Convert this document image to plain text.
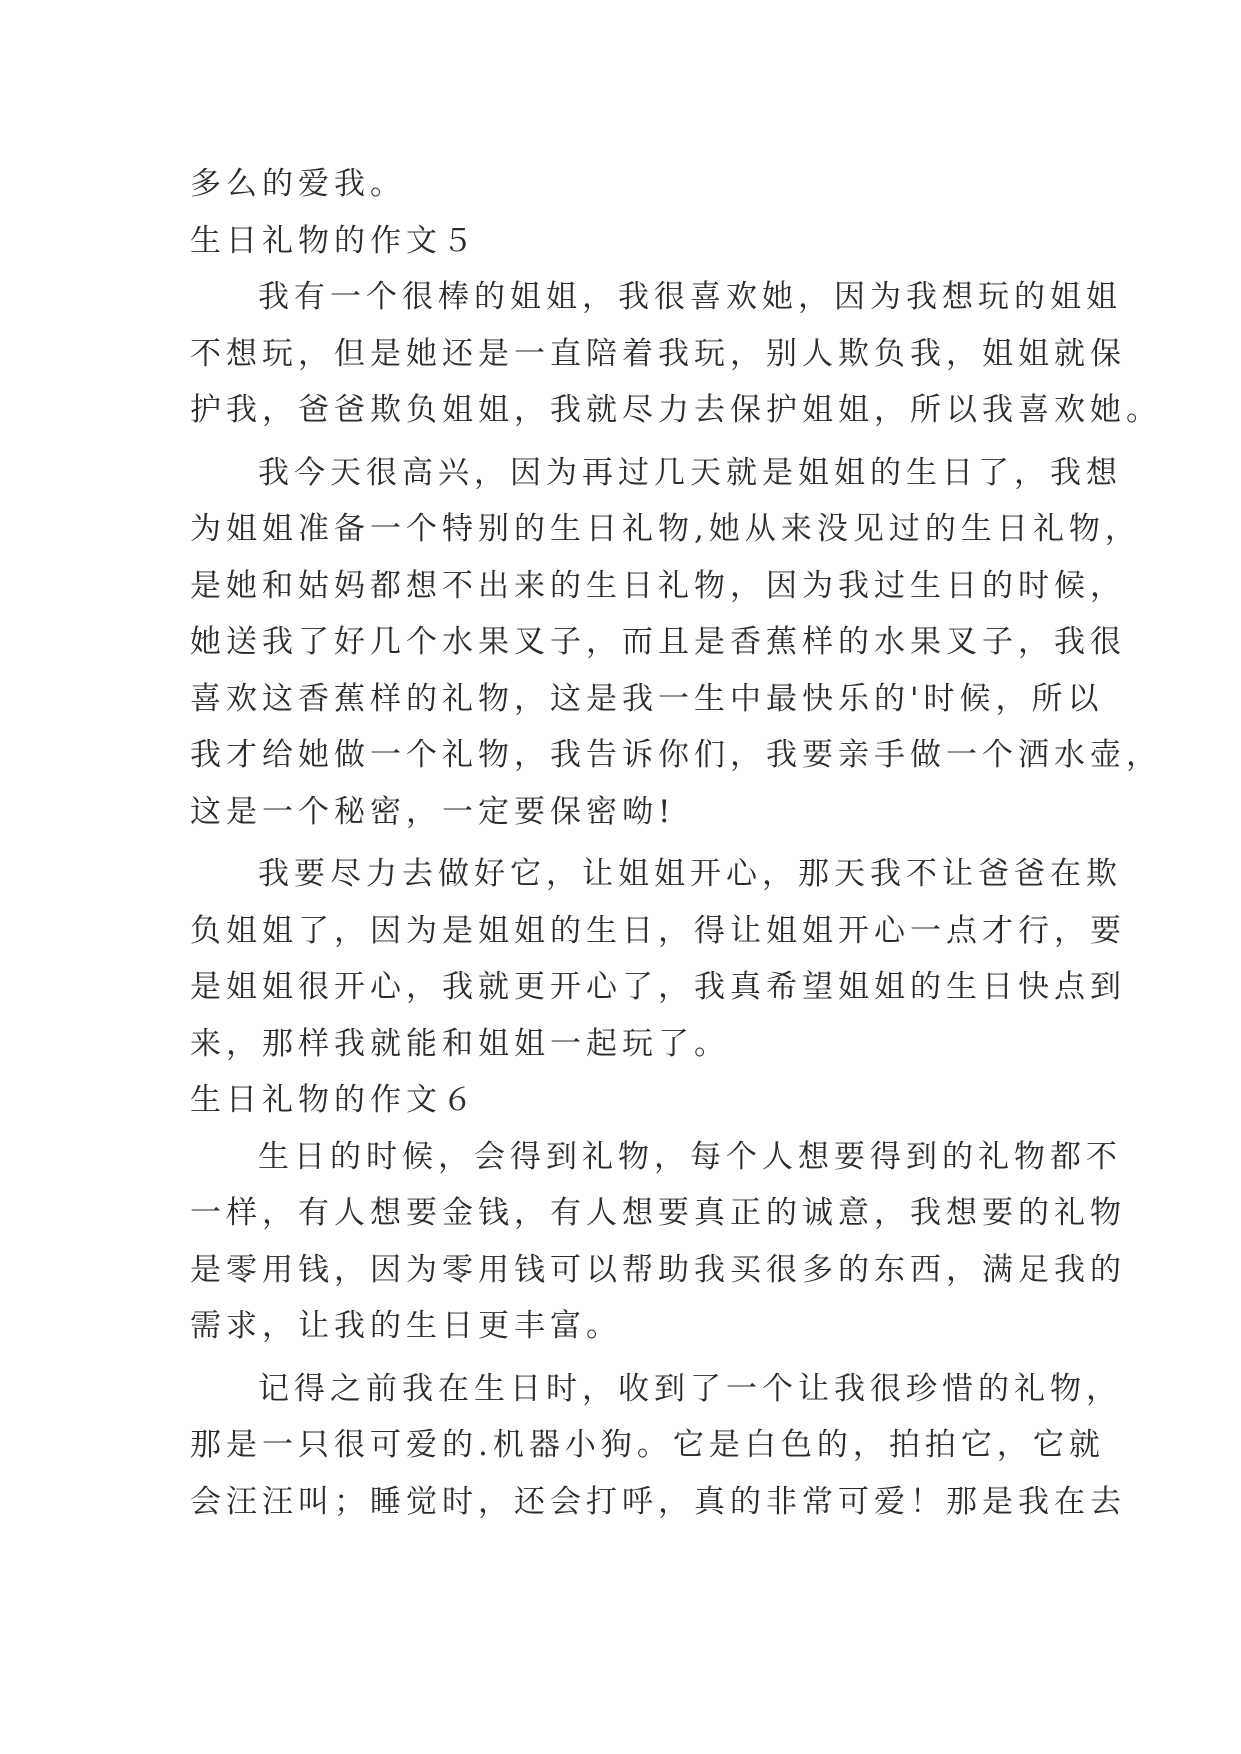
多么的爱我。
生日礼物的作文５
我有一个很棒的姐姐，我很喜欢她，因为我想玩的姐姐
不想玩，但是她还是一直陪着我玩，别人欺负我，姐姐就保
护我，爸爸欺负姐姐，我就尽力去保护姐姐，所以我喜欢她。
我今天很高兴，因为再过几天就是姐姐的生日了，我想
为姐姐准备一个特别的生日礼物,她从来没见过的生日礼物，
是她和姑妈都想不出来的生日礼物，因为我过生日的时候，
她送我了好几个水果叉子，而且是香蕉样的水果叉子，我很
喜欢这香蕉样的礼物，这是我一生中最快乐的'时候，所以
我才给她做一个礼物，我告诉你们，我要亲手做一个洒水壶，
这是一个秘密，一定要保密呦!
我要尽力去做好它，让姐姐开心，那天我不让爸爸在欺
负姐姐了，因为是姐姐的生日，得让姐姐开心一点才行，要
是姐姐很开心，我就更开心了，我真希望姐姐的生日快点到
来，那样我就能和姐姐一起玩了。
生日礼物的作文６
生日的时候，会得到礼物，每个人想要得到的礼物都不
一样，有人想要金钱，有人想要真正的诚意，我想要的礼物
是零用钱，因为零用钱可以帮助我买很多的东西，满足我的
需求，让我的生日更丰富。
记得之前我在生日时，收到了一个让我很珍惜的礼物，
那是一只很可爱的.机器小狗。它是白色的，拍拍它，它就
会汪汪叫；睡觉时，还会打呼，真的非常可爱！那是我在去
